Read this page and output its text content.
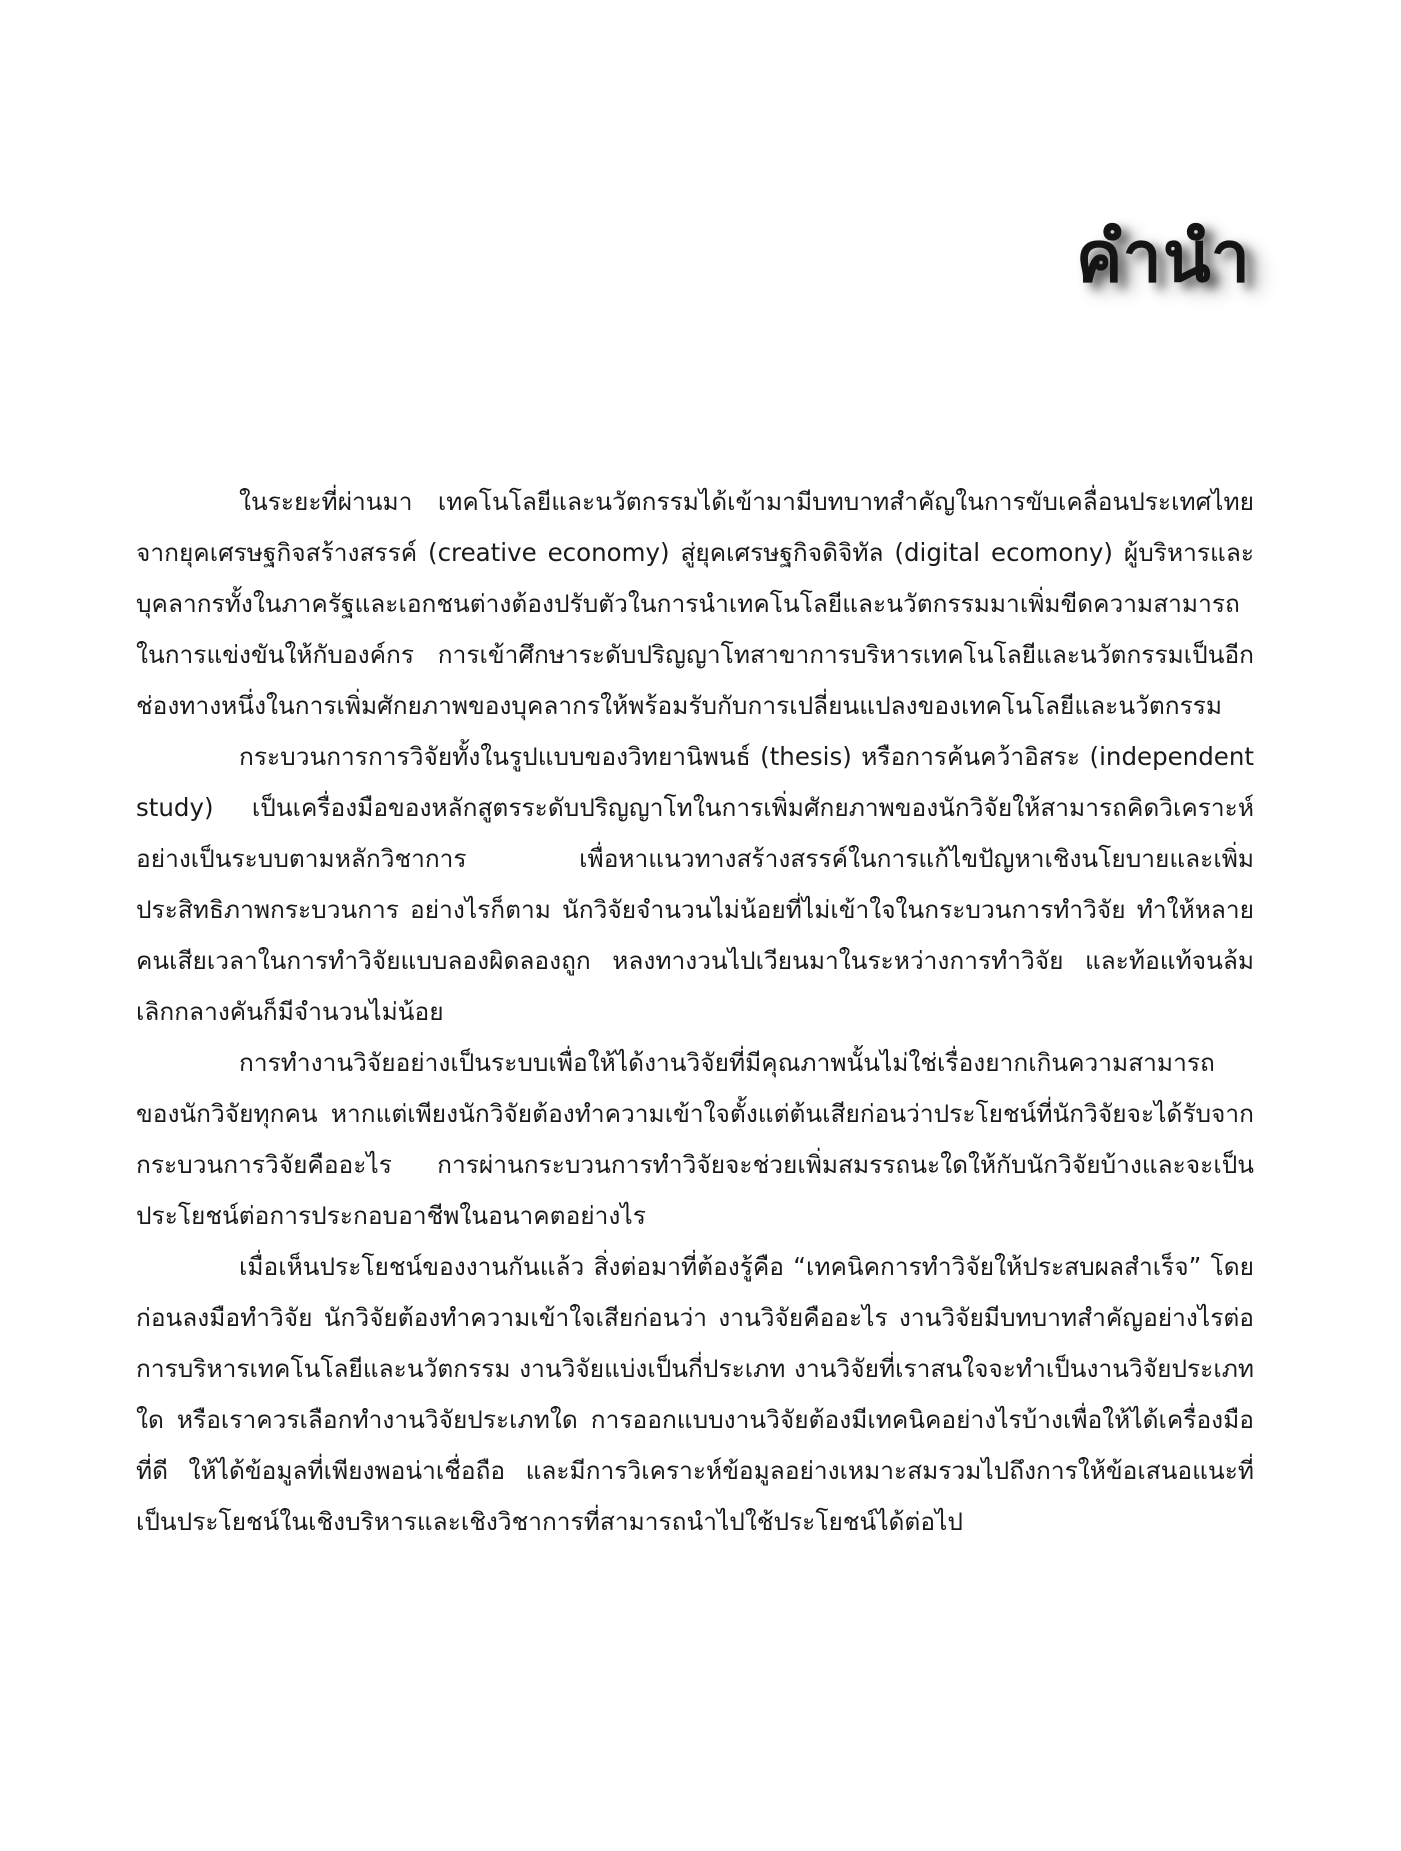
คำนำ

ในระยะที่ผ่านมา เทคโนโลยีและนวัตกรรมได้เข้ามามีบทบาทสำคัญในการขับเคลื่อนประเทศไทย จากยุคเศรษฐกิจสร้างสรรค์ (creative economy) สู่ยุคเศรษฐกิจดิจิทัล (digital ecomony) ผู้บริหารและบุคลากรทั้งในภาครัฐและเอกชนต่างต้องปรับตัวในการนำเทคโนโลยีและนวัตกรรมมาเพิ่มขีดความสามารถในการแข่งขันให้กับองค์กร การเข้าศึกษาระดับปริญญาโทสาขาการบริหารเทคโนโลยีและนวัตกรรมเป็นอีกช่องทางหนึ่งในการเพิ่มศักยภาพของบุคลากรให้พร้อมรับกับการเปลี่ยนแปลงของเทคโนโลยีและนวัตกรรม

กระบวนการการวิจัยทั้งในรูปแบบของวิทยานิพนธ์ (thesis) หรือการค้นคว้าอิสระ (independent study) เป็นเครื่องมือของหลักสูตรระดับปริญญาโทในการเพิ่มศักยภาพของนักวิจัยให้สามารถคิดวิเคราะห์อย่างเป็นระบบตามหลักวิชาการ เพื่อหาแนวทางสร้างสรรค์ในการแก้ไขปัญหาเชิงนโยบายและเพิ่มประสิทธิภาพกระบวนการ อย่างไรก็ตาม นักวิจัยจำนวนไม่น้อยที่ไม่เข้าใจในกระบวนการทำวิจัย ทำให้หลายคนเสียเวลาในการทำวิจัยแบบลองผิดลองถูก หลงทางวนไปเวียนมาในระหว่างการทำวิจัย และท้อแท้จนล้มเลิกกลางคันก็มีจำนวนไม่น้อย

การทำงานวิจัยอย่างเป็นระบบเพื่อให้ได้งานวิจัยที่มีคุณภาพนั้นไม่ใช่เรื่องยากเกินความสามารถของนักวิจัยทุกคน หากแต่เพียงนักวิจัยต้องทำความเข้าใจตั้งแต่ต้นเสียก่อนว่าประโยชน์ที่นักวิจัยจะได้รับจากกระบวนการวิจัยคืออะไร การผ่านกระบวนการทำวิจัยจะช่วยเพิ่มสมรรถนะใดให้กับนักวิจัยบ้างและจะเป็นประโยชน์ต่อการประกอบอาชีพในอนาคตอย่างไร

เมื่อเห็นประโยชน์ของงานกันแล้ว สิ่งต่อมาที่ต้องรู้คือ “เทคนิคการทำวิจัยให้ประสบผลสำเร็จ” โดยก่อนลงมือทำวิจัย นักวิจัยต้องทำความเข้าใจเสียก่อนว่า งานวิจัยคืออะไร งานวิจัยมีบทบาทสำคัญอย่างไรต่อการบริหารเทคโนโลยีและนวัตกรรม งานวิจัยแบ่งเป็นกี่ประเภท งานวิจัยที่เราสนใจจะทำเป็นงานวิจัยประเภทใด หรือเราควรเลือกทำงานวิจัยประเภทใด การออกแบบงานวิจัยต้องมีเทคนิคอย่างไรบ้างเพื่อให้ได้เครื่องมือที่ดี ให้ได้ข้อมูลที่เพียงพอน่าเชื่อถือ และมีการวิเคราะห์ข้อมูลอย่างเหมาะสมรวมไปถึงการให้ข้อเสนอแนะที่เป็นประโยชน์ในเชิงบริหารและเชิงวิชาการที่สามารถนำไปใช้ประโยชน์ได้ต่อไป
